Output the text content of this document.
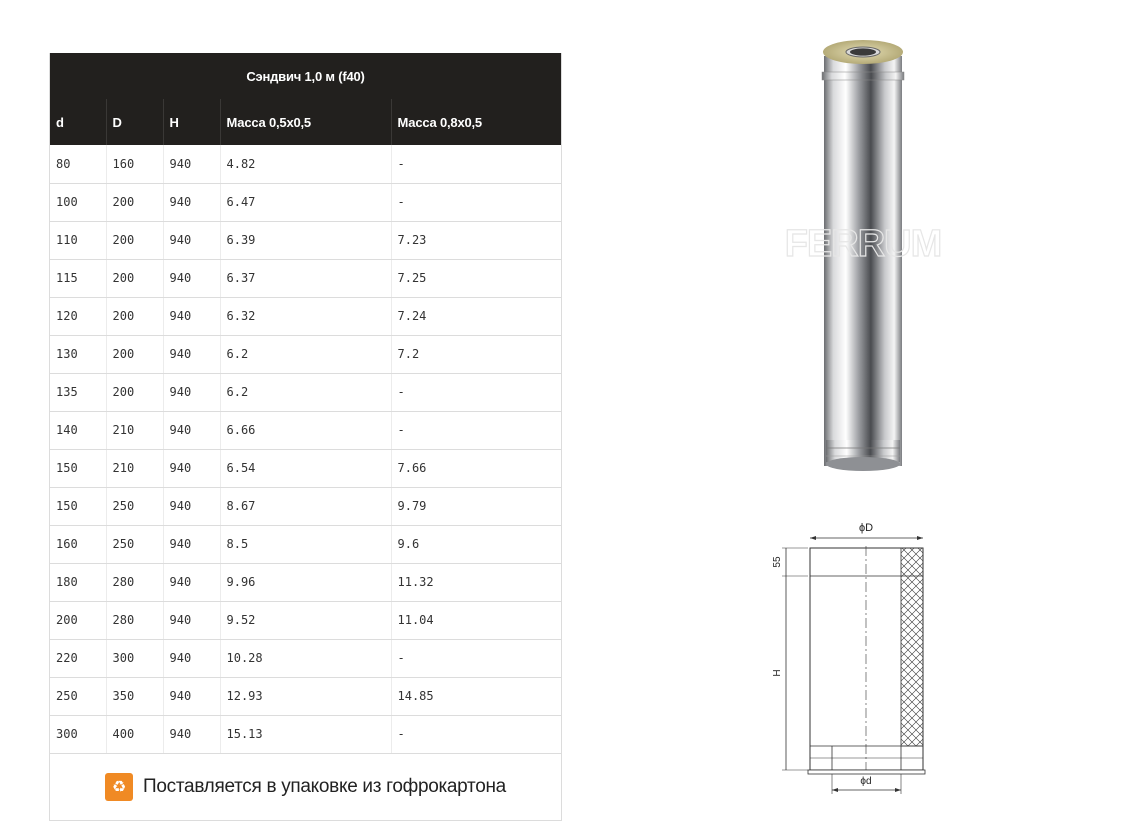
Сэндвич 1,0 м (f40)				
d	D	H	Масса 0,5х0,5	Масса 0,8х0,5
80	160	940	4.82	-
100	200	940	6.47	-
110	200	940	6.39	7.23
115	200	940	6.37	7.25
120	200	940	6.32	7.24
130	200	940	6.2	7.2
135	200	940	6.2	-
140	210	940	6.66	-
150	210	940	6.54	7.66
150	250	940	8.67	9.79
160	250	940	8.5	9.6
180	280	940	9.96	11.32
200	280	940	9.52	11.04
220	300	940	10.28	-
250	350	940	12.93	14.85
300	400	940	15.13	-
♻ Поставляется в упаковке из гофрокартона
FERRUM
ϕD
55
H
ϕd
